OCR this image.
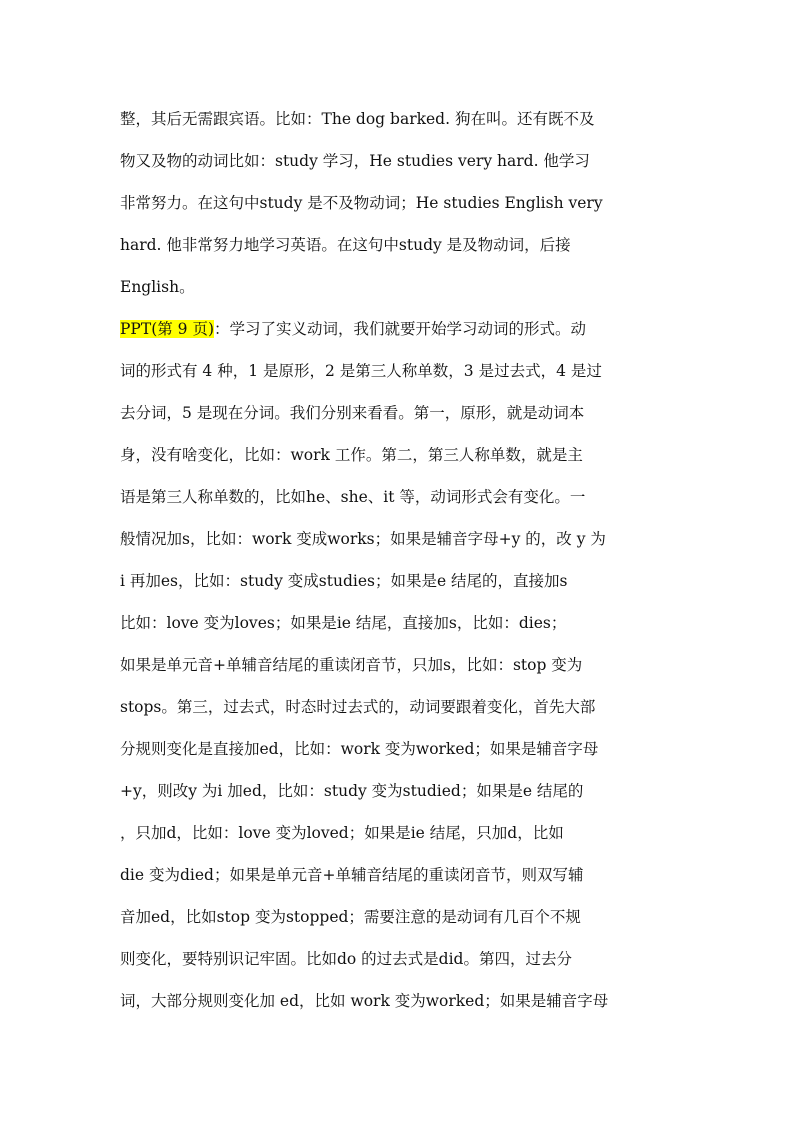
整，其后无需跟宾语。比如：The dog barked. 狗在叫。还有既不及
物又及物的动词比如：study 学习，He studies very hard. 他学习
非常努力。在这句中study 是不及物动词；He studies English very
hard. 他非常努力地学习英语。在这句中study 是及物动词，后接
English。
PPT(第 9 页)：学习了实义动词，我们就要开始学习动词的形式。动
词的形式有 4 种，1 是原形，2 是第三人称单数，3 是过去式，4 是过
去分词，5 是现在分词。我们分别来看看。第一，原形，就是动词本
身，没有啥变化，比如：work 工作。第二，第三人称单数，就是主
语是第三人称单数的，比如he、she、it 等，动词形式会有变化。一
般情况加s，比如：work 变成works；如果是辅音字母+y 的，改 y 为
i 再加es，比如：study 变成studies；如果是e 结尾的，直接加s
比如：love 变为loves；如果是ie 结尾，直接加s，比如：dies；
如果是单元音+单辅音结尾的重读闭音节，只加s，比如：stop 变为
stops。第三，过去式，时态时过去式的，动词要跟着变化，首先大部
分规则变化是直接加ed，比如：work 变为worked；如果是辅音字母
+y，则改y 为i 加ed，比如：study 变为studied；如果是e 结尾的
，只加d，比如：love 变为loved；如果是ie 结尾，只加d，比如
die 变为died；如果是单元音+单辅音结尾的重读闭音节，则双写辅
音加ed，比如stop 变为stopped；需要注意的是动词有几百个不规
则变化，要特别识记牢固。比如do 的过去式是did。第四，过去分
词，大部分规则变化加 ed，比如 work 变为worked；如果是辅音字母
